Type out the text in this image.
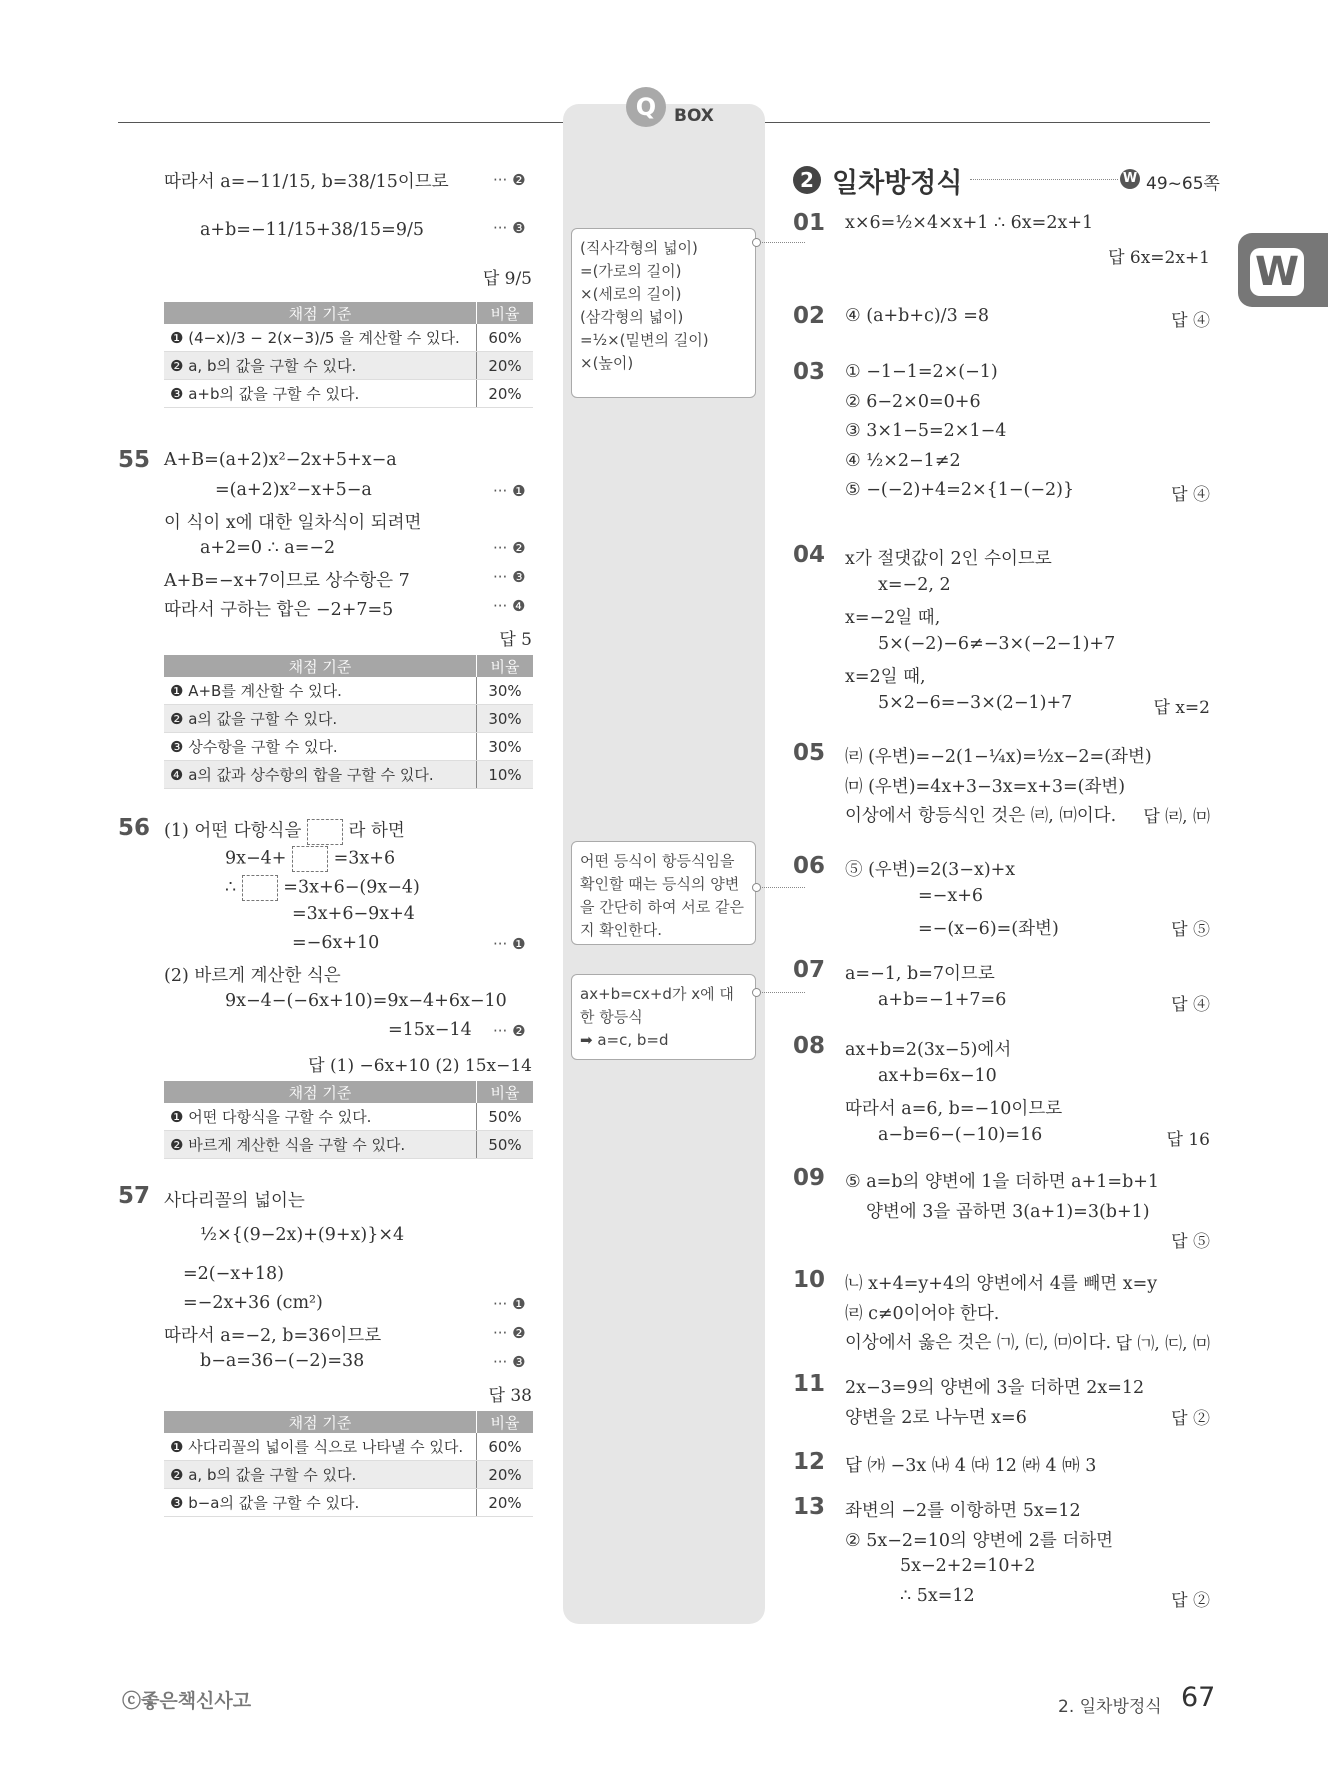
Q	BOX
W
(직사각형의 넓이)
=(가로의 길이)
×(세로의 길이)
(삼각형의 넓이)
=½×(밑변의 길이)
×(높이)
어떤 등식이 항등식임을 확인할 때는 등식의 양변을 간단히 하여 서로 같은지 확인한다.
ax+b=cx+d가 x에 대한 항등식
➡ a=c, b=d
따라서 a=−11/15, b=38/15이므로	··· ❷
a+b=−11/15+38/15=9/5	··· ❸
답 9/5
채점 기준	비율
❶ (4−x)/3 − 2(x−3)/5 을 계산할 수 있다.	60%
❷ a, b의 값을 구할 수 있다.	20%
❸ a+b의 값을 구할 수 있다.	20%
55 A+B=(a+2)x²−2x+5+x−a
=(a+2)x²−x+5−a	··· ❶
이 식이 x에 대한 일차식이 되려면
a+2=0 ∴ a=−2	··· ❷
A+B=−x+7이므로 상수항은 7	··· ❸
따라서 구하는 합은 −2+7=5	··· ❹
답 5
채점 기준	비율
❶ A+B를 계산할 수 있다.	30%
❷ a의 값을 구할 수 있다.	30%
❸ 상수항을 구할 수 있다.	30%
❹ a의 값과 상수항의 합을 구할 수 있다.	10%
56 (1) 어떤 다항식을	라 하면
9x−4+	=3x+6
∴	=3x+6−(9x−4)
=3x+6−9x+4
=−6x+10	··· ❶
(2) 바르게 계산한 식은
9x−4−(−6x+10)=9x−4+6x−10
=15x−14 ··· ❷
답 (1) −6x+10 (2) 15x−14
채점 기준	비율
❶ 어떤 다항식을 구할 수 있다.	50%
❷ 바르게 계산한 식을 구할 수 있다.	50%
57 사다리꼴의 넓이는
½×{(9−2x)+(9+x)}×4
=2(−x+18)
=−2x+36 (cm²)	··· ❶
따라서 a=−2, b=36이므로	··· ❷
b−a=36−(−2)=38	··· ❸
답 38
채점 기준	비율
❶ 사다리꼴의 넓이를 식으로 나타낼 수 있다.	60%
❷ a, b의 값을 구할 수 있다.	20%
❸ b−a의 값을 구할 수 있다.	20%
2 일차방정식	W 49~65쪽
01 x×6=½×4×x+1 ∴ 6x=2x+1
답 6x=2x+1
02 ④ (a+b+c)/3 =8	답 ④
03 ① −1−1=2×(−1)
② 6−2×0=0+6
③ 3×1−5=2×1−4
④ ½×2−1≠2
⑤ −(−2)+4=2×{1−(−2)}	답 ④
04 x가 절댓값이 2인 수이므로
x=−2, 2
x=−2일 때,
5×(−2)−6≠−3×(−2−1)+7
x=2일 때,
5×2−6=−3×(2−1)+7	답 x=2
05 ㈃ (우변)=−2(1−¼x)=½x−2=(좌변)
㈄ (우변)=4x+3−3x=x+3=(좌변)
이상에서 항등식인 것은 ㈃, ㈄이다.	답 ㈃, ㈄
06 ⑤ (우변)=2(3−x)+x
=−x+6
=−(x−6)=(좌변)	답 ⑤
07 a=−1, b=7이므로
a+b=−1+7=6	답 ④
08 ax+b=2(3x−5)에서
ax+b=6x−10
따라서 a=6, b=−10이므로
a−b=6−(−10)=16	답 16
09 ⑤ a=b의 양변에 1을 더하면 a+1=b+1
양변에 3을 곱하면 3(a+1)=3(b+1)
답 ⑤
10 ㈁ x+4=y+4의 양변에서 4를 빼면 x=y
㈃ c≠0이어야 한다.
이상에서 옳은 것은 ㈀, ㈂, ㈄이다. 답 ㈀, ㈂, ㈄
11 2x−3=9의 양변에 3을 더하면 2x=12
양변을 2로 나누면 x=6	답 ②
12 답 ㈎ −3x ㈏ 4 ㈐ 12 ㈑ 4 ㈒ 3
13 좌변의 −2를 이항하면 5x=12
② 5x−2=10의 양변에 2를 더하면
5x−2+2=10+2
∴ 5x=12	답 ②
ⓒ좋은책신사고	2. 일차방정식 67
